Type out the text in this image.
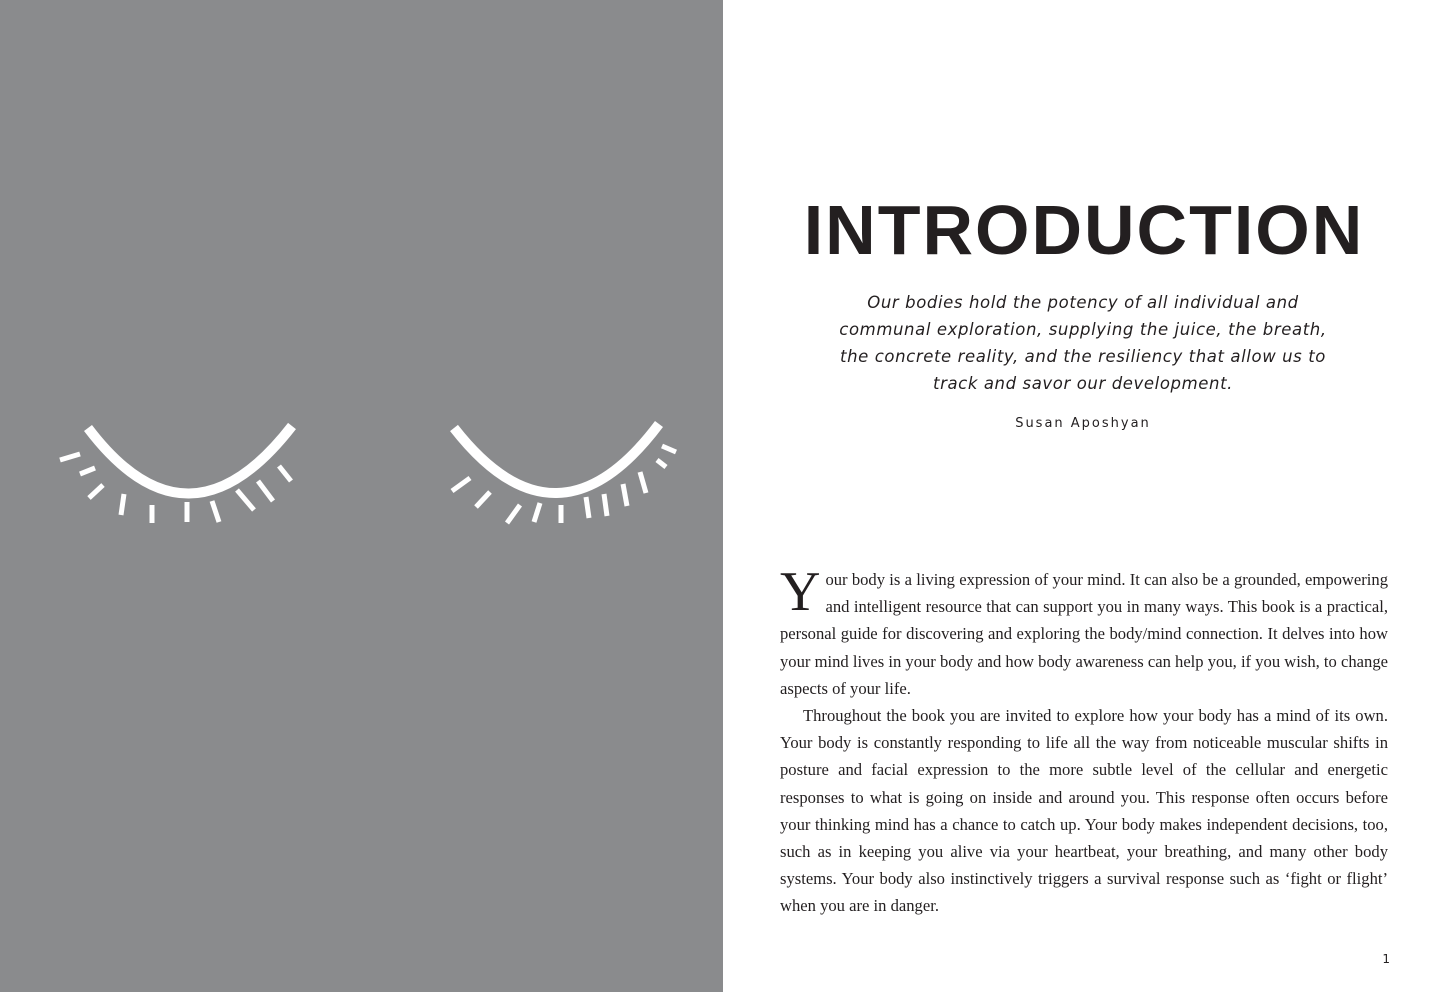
INTRODUCTION
Our bodies hold the potency of all individual and communal exploration, supplying the juice, the breath, the concrete reality, and the resiliency that allow us to track and savor our development.
Susan Aposhyan

Your body is a living expression of your mind. It can also be a grounded, empowering and intelligent resource that can support you in many ways. This book is a practical, personal guide for discovering and exploring the body/mind connection. It delves into how your mind lives in your body and how body awareness can help you, if you wish, to change aspects of your life.

Throughout the book you are invited to explore how your body has a mind of its own. Your body is constantly responding to life all the way from noticeable muscular shifts in posture and facial expression to the more subtle level of the cellular and energetic responses to what is going on inside and around you. This response often occurs before your thinking mind has a chance to catch up. Your body makes independent decisions, too, such as in keeping you alive via your heartbeat, your breathing, and many other body systems. Your body also instinctively triggers a survival response such as ‘fight or flight’ when you are in danger.

1
